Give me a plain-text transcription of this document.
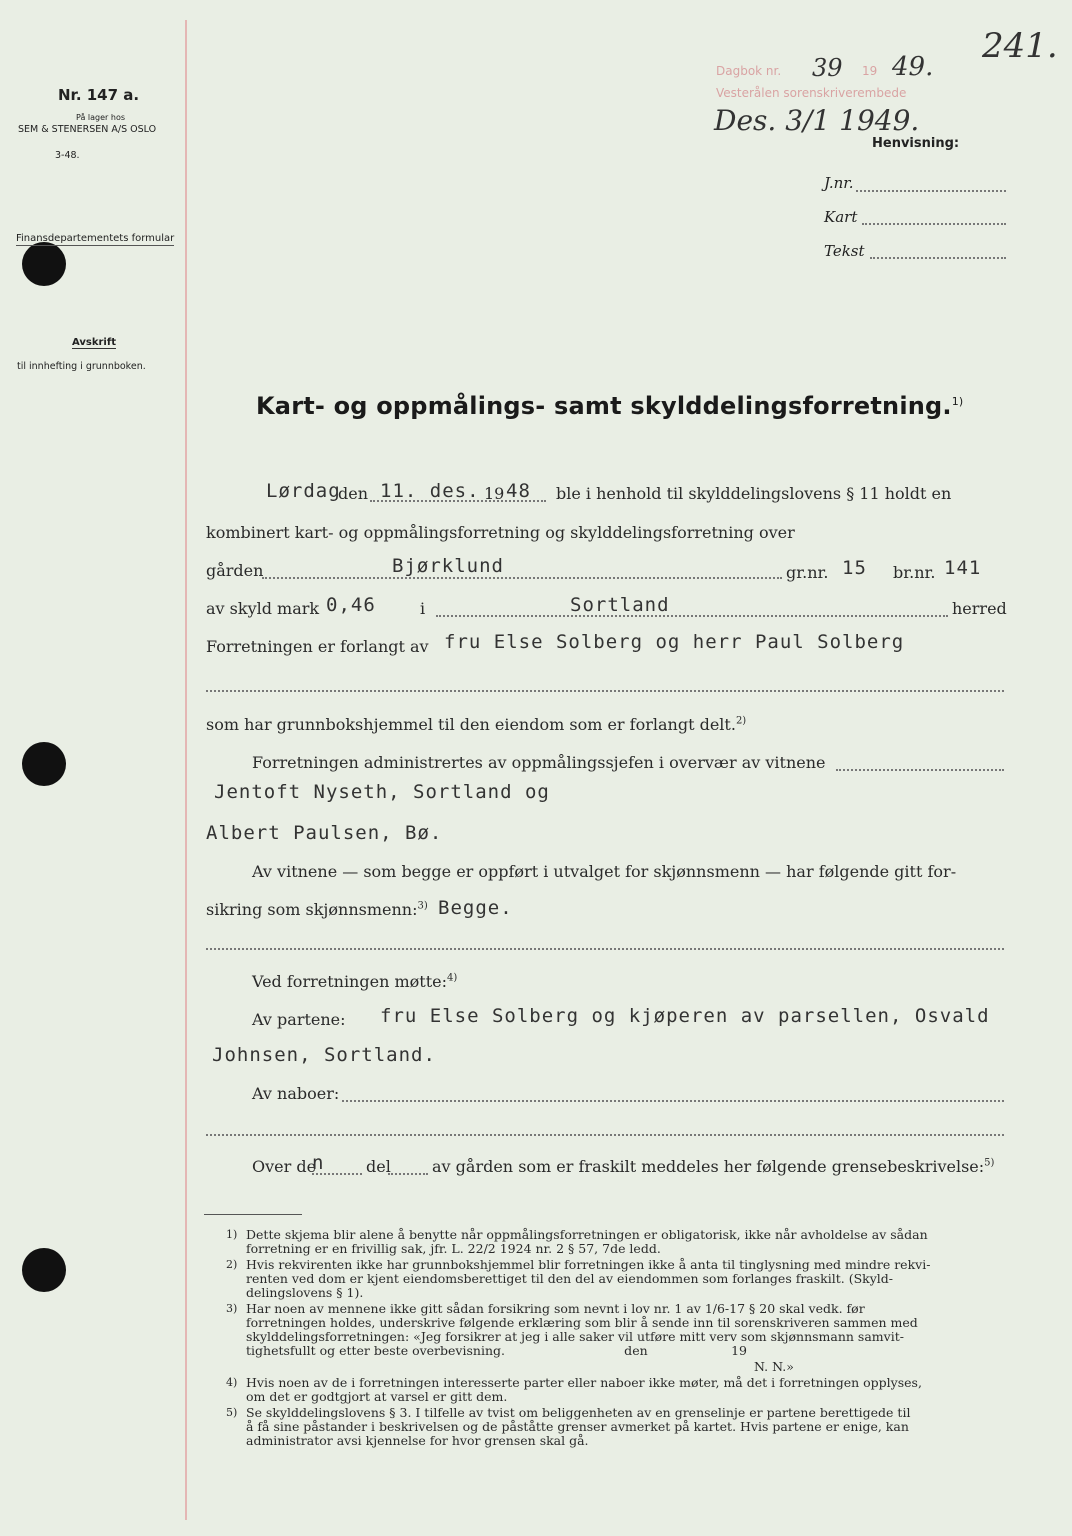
Nr. 147 a.
På lager hos
SEM & STENERSEN A/S OSLO
3-48.
Finansdepartementets formular
Avskrift
til innhefting i grunnboken.
Dagbok nr. 39 19 49.
Vesterålen sorenskriverembede
Des. 3/1 1949.
241.
Henvisning:
J.nr.
Kart
Tekst
Kart- og oppmålings- samt skylddelingsforretning.$^{1)}$
Lørdag
den 11. des. 19 48 ble i henhold til skylddelingslovens § 11 holdt en
kombinert kart- og oppmålingsforretning og skylddelingsforretning over
gården	Bjørklund	gr.nr. 15 br.nr. 141
av skyld mark 0,46	i	Sortland	herred
Forretningen er forlangt av fru Else Solberg og herr Paul Solberg
som har grunnbokshjemmel til den eiendom som er forlangt delt.$^{2)}$
Forretningen administrertes av oppmålingssjefen i overvær av vitnene
Jentoft Nyseth, Sortland og
Albert Paulsen, Bø.
Av vitnene — som begge er oppført i utvalget for skjønnsmenn — har følgende gitt for-
sikring som skjønnsmenn:$^{3)}$ Begge.
Ved forretningen møtte:$^{4)}$
Av partene: fru Else Solberg og kjøperen av parsellen, Osvald
Johnsen, Sortland.
Av naboer:
Over de
n	del	av gården som er fraskilt meddeles her følgende grensebeskrivelse:$^{5)}$
1) Dette skjema blir alene å benytte når oppmålingsforretningen er obligatorisk, ikke når avholdelse av sådan
forretning er en frivillig sak, jfr. L. 22/2 1924 nr. 2 § 57, 7de ledd.
2) Hvis rekvirenten ikke har grunnbokshjemmel blir forretningen ikke å anta til tinglysning med mindre rekvi-
renten ved dom er kjent eiendomsberettiget til den del av eiendommen som forlanges fraskilt. (Skyld-
delingslovens § 1).
3) Har noen av mennene ikke gitt sådan forsikring som nevnt i lov nr. 1 av 1/6-17 § 20 skal vedk. før
forretningen holdes, underskrive følgende erklæring som blir å sende inn til sorenskriveren sammen med
skylddelingsforretningen: «Jeg forsikrer at jeg i alle saker vil utføre mitt verv som skjønnsmann samvit-
tighetsfullt og etter beste overbevisning.                              den                     19
N. N.»
4) Hvis noen av de i forretningen interesserte parter eller naboer ikke møter, må det i forretningen opplyses,
om det er godtgjort at varsel er gitt dem.
5) Se skylddelingslovens § 3. I tilfelle av tvist om beliggenheten av en grenselinje er partene berettigede til
å få sine påstander i beskrivelsen og de påståtte grenser avmerket på kartet. Hvis partene er enige, kan
administrator avsi kjennelse for hvor grensen skal gå.
